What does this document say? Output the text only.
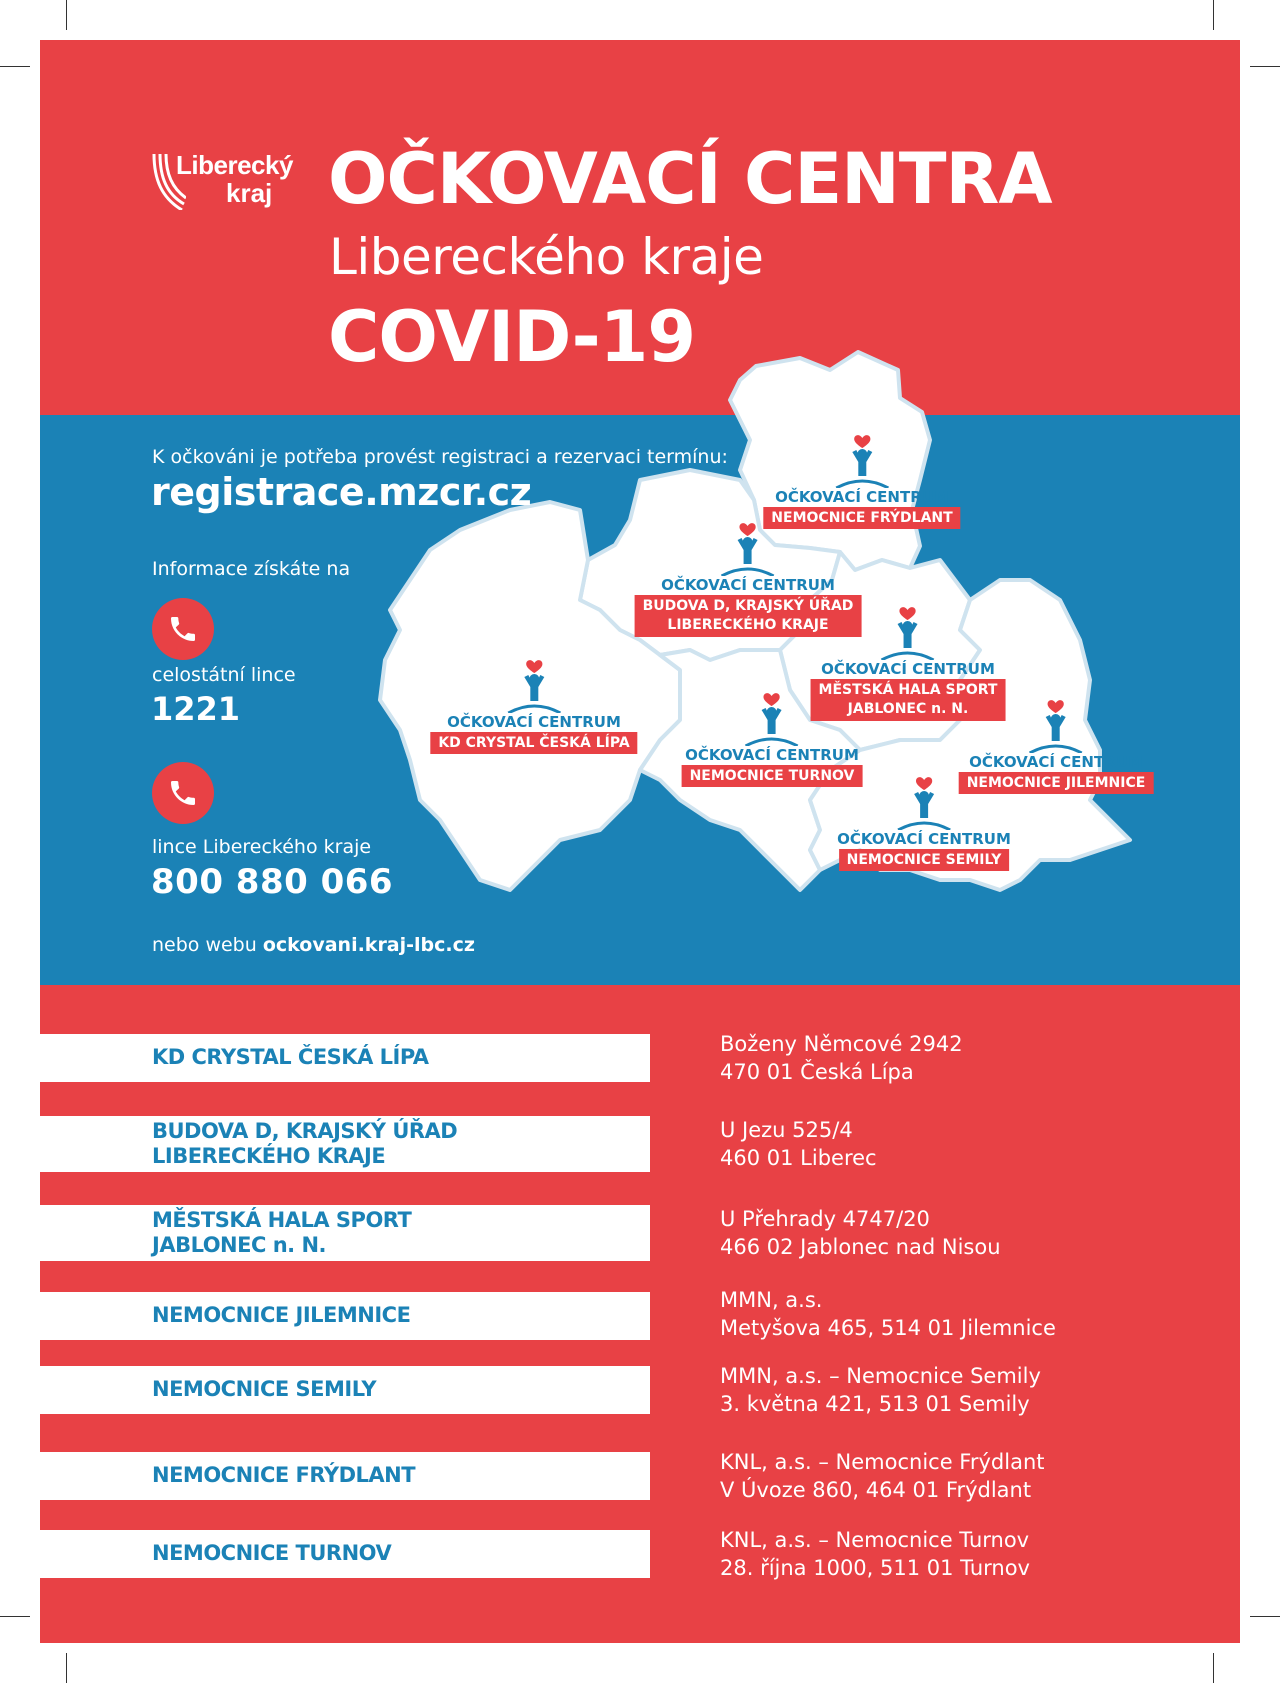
Liberecký
kraj OČKOVACÍ CENTRA
Libereckého kraje
COVID-19
K očkováni je potřeba provést registraci a rezervaci termínu:
registrace.mzcr.cz
Informace získáte na
celostátní lince
1221
lince Libereckého kraje
800 880 066
nebo webu ockovani.kraj-lbc.cz
OČKOVACÍ CENTRUM
NEMOCNICE FRÝDLANT
OČKOVACÍ CENTRUM
BUDOVA D, KRAJSKÝ ÚŘAD
LIBERECKÉHO KRAJE
OČKOVACÍ CENTRUM
MĚSTSKÁ HALA SPORT
JABLONEC n. N.
OČKOVACÍ CENTRUM
KD CRYSTAL ČESKÁ LÍPA
OČKOVACÍ CENTRUM
NEMOCNICE TURNOV
OČKOVACÍ CENTRUM
NEMOCNICE JILEMNICE
OČKOVACÍ CENTRUM
NEMOCNICE SEMILY
KD CRYSTAL ČESKÁ LÍPA
Boženy Němcové 2942
470 01 Česká Lípa
BUDOVA D, KRAJSKÝ ÚŘAD
LIBERECKÉHO KRAJE
U Jezu 525/4
460 01 Liberec
MĚSTSKÁ HALA SPORT
JABLONEC n. N.
U Přehrady 4747/20
466 02 Jablonec nad Nisou
NEMOCNICE JILEMNICE
MMN, a.s.
Metyšova 465, 514 01 Jilemnice
NEMOCNICE SEMILY
MMN, a.s. – Nemocnice Semily
3. května 421, 513 01 Semily
NEMOCNICE FRÝDLANT
KNL, a.s. – Nemocnice Frýdlant
V Úvoze 860, 464 01 Frýdlant
NEMOCNICE TURNOV
KNL, a.s. – Nemocnice Turnov
28. října 1000, 511 01 Turnov
